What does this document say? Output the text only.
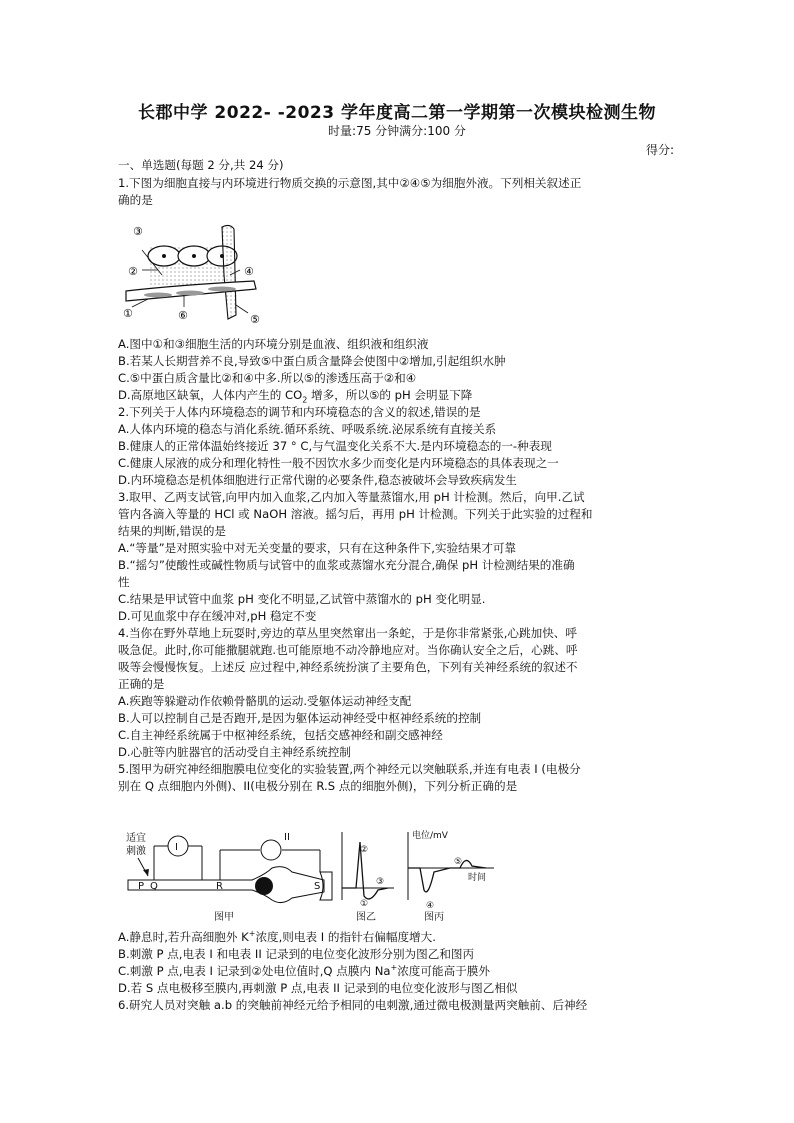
长郡中学 2022- -2023 学年度高二第一学期第一次模块检测生物
时量:75 分钟满分:100 分
得分:
一、单选题(每题 2 分,共 24 分)
1.下图为细胞直接与内环境进行物质交换的示意图,其中②④⑤为细胞外液。下列相关叙述正
确的是
③
②	④
①	⑥	⑤
A.图中①和③细胞生活的内环境分别是血液、组织液和组织液
B.若某人长期营养不良,导致⑤中蛋白质含量降会使图中②增加,引起组织水肿
C.⑤中蛋白质含量比②和④中多.所以⑤的渗透压高于②和④
D.高原地区缺氧，人体内产生的 $CO_2$ 增多，所以⑤的 pH 会明显下降
2.下列关于人体内环境稳态的调节和内环境稳态的含义的叙述,错误的是
A.人体内环境的稳态与消化系统.循环系统、呼吸系统.泌尿系统有直接关系
B.健康人的正常体温始终接近 37 ° C,与气温变化关系不大.是内环境稳态的一-种表现
C.健康人尿液的成分和理化特性一般不因饮水多少而变化是内环境稳态的具体表现之一
D.内环境稳态是机体细胞进行正常代谢的必要条件,稳态被破坏会导致疾病发生
3.取甲、乙两支试管,向甲内加入血浆,乙内加入等量蒸馏水,用 pH 计检测。然后，向甲.乙试
管内各滴入等量的 HCl 或 NaOH 溶液。摇匀后，再用 pH 计检测。下列关于此实验的过程和
结果的判断,错误的是
A.“等量”是对照实验中对无关变量的要求，只有在这种条件下,实验结果才可靠
B.“摇匀”使酸性或碱性物质与试管中的血浆或蒸馏水充分混合,确保 pH 计检测结果的准确
性
C.结果是甲试管中血浆 pH 变化不明显,乙试管中蒸馏水的 pH 变化明显.
D.可见血浆中存在缓冲对,pH 稳定不变
4.当你在野外草地上玩耍时,旁边的草丛里突然窜出一条蛇，于是你非常紧张,心跳加快、呼
吸急促。此时,你可能撒腿就跑.也可能原地不动冷静地应对。当你确认安全之后，心跳、呼
吸等会慢慢恢复。上述反 应过程中,神经系统扮演了主要角色，下列有关神经系统的叙述不
正确的是
A.疾跑等躲避动作依赖骨骼肌的运动.受躯体运动神经支配
B.人可以控制自己是否跑开,是因为躯体运动神经受中枢神经系统的控制
C.自主神经系统属于中枢神经系统，包括交感神经和副交感神经
D.心脏等内脏器官的活动受自主神经系统控制
5.图甲为研究神经细胞膜电位变化的实验装置,两个神经元以突触联系,并连有电表 I (电极分
别在 Q 点细胞内外侧)、II(电极分别在 R.S 点的细胞外侧)，下列分析正确的是
适宜
刺激	I
II
P Q	R	S
图甲
①
②
③
图乙
电位/mV
时间
⑤
④
图丙
A.静息时,若升高细胞外 K+浓度,则电表 I 的指针右偏幅度增大.
B.刺激 P 点,电表 I 和电表 II 记录到的电位变化波形分别为图乙和图丙
C.刺激 P 点,电表 I 记录到②处电位值时,Q 点膜内 Na+浓度可能高于膜外
D.若 S 点电极移至膜内,再刺激 P 点,电表 II 记录到的电位变化波形与图乙相似
6.研究人员对突触 a.b 的突触前神经元给予相同的电刺激,通过微电极测量两突触前、后神经
